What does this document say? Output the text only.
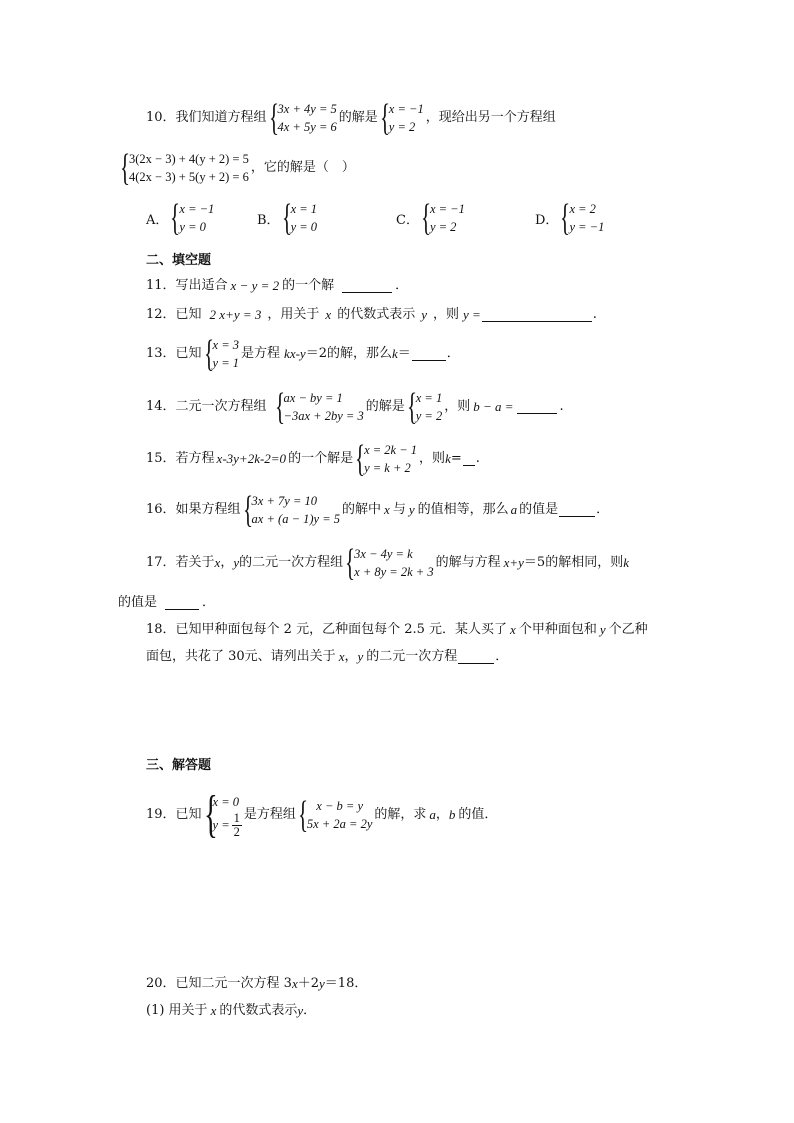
10．我们知道方程组 {
3x + 4y = 5
4x + 5y = 6
的解是 {
x = −1
y = 2
，现给出另一个方程组
{
3(2x − 3) + 4(y + 2) = 5
4(2x − 3) + 5(y + 2) = 6
，它的解是（　）
A． {
x = −1
y = 0	B． {
x = 1
y = 0	C． {
x = −1
y = 2	D． {
x = 2
y = −1
二、填空题
11．写出适合 x − y = 2 的一个解	．
12．已知 2 x+y = 3 ，用关于 x 的代数式表示 y ，则 y =	.
13．已知 {
x = 3
y = 1
是方程 kx-y ＝2的解，那么 k ＝	．
14．二元一次方程组 {
ax − by = 1
−3ax + 2by = 3
的解是 {
x = 1
y = 2
，则 b − a =	.
15．若方程 x-3y+2k-2=0 的一个解是 {
x = 2k − 1
y = k + 2
，则 k = .
16．如果方程组 {
3x + 7y = 10
ax + (a − 1)y = 5
的解中 x 与 y 的值相等，那么 a 的值是	．
17．若关于 x ， y 的二元一次方程组 {
3x − 4y = k
x + 8y = 2k + 3
的解与方程 x+y ＝5的解相同，则 k
的值是	．
18．已知甲种面包每个 2 元，乙种面包每个 2.5 元．某人买了 x 个甲种面包和 y 个乙种
面包，共花了 30元、请列出关于 x ， y 的二元一次方程	．
三、解答题
19．已知 {
x = 0
$y = \frac{1}{2}$ 是方程组 { x − b = y
5x + 2a = 2y
的解，求 a ， b 的值．
20．已知二元一次方程 3 x ＋2 y ＝18．
(1) 用关于 x 的代数式表示 y ．
